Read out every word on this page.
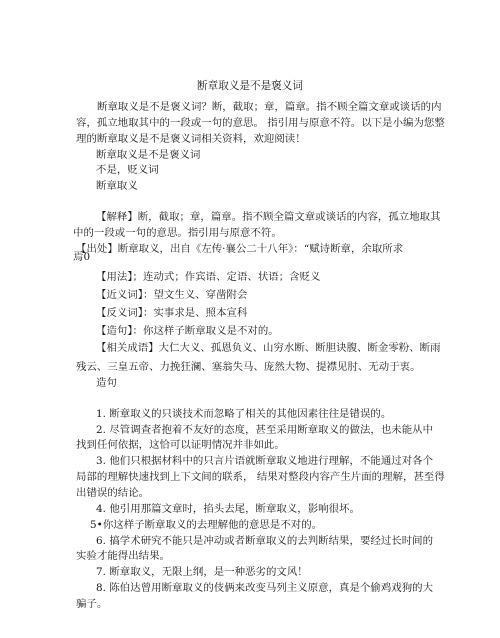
断章取义是不是褒义词
断章取义是不是褒义词？断，截取；章，篇章。指不顾全篇文章或谈话的内
容，孤立地取其中的一段或一句的意思。 指引用与原意不符。以下是小编为您整
理的断章取义是不是褒义词相关资料，欢迎阅读！
断章取义是不是褒义词
不是，贬义词
断章取义
【解释】断，截取；章，篇章。指不顾全篇文章或谈话的内容，孤立地取其
中的一段或一句的意思。指引用与原意不符。
【出处】断章取义，出自《左传·襄公二十八年》：“赋诗断章，余取所求
焉0
【用法】；连动式；作宾语、定语、状语；含贬义
【近义词】：望文生义、穿凿附会
【反义词】：实事求是、照本宣科
【造句】：你这样子断章取义是不对的。
【相关成语】大仁大义、孤恩负义、山穷水断、断胆诀腹、断金零粉、断雨
残云、三皇五帝、力挽狂澜、塞翁失马、庞然大物、提襟见肘、无动于衷。
造句
1. 断章取义的只谈技术而忽略了相关的其他因素往往是错误的。
2. 尽管调查者抱着不友好的态度，甚至采用断章取义的做法，也未能从中
找到任何依据，这恰可以证明情况并非如此。
3. 他们只根据材料中的只言片语就断章取义地进行理解，不能通过对各个
局部的理解快速找到上下文间的联系， 结果对整段内容产生片面的理解，甚至得
出错误的结论。
4. 他引用那篇文章时，掐头去尾，断章取义，影响很坏。
5•你这样子断章取义的去理解他的意思是不对的。
6. 搞学术研究不能只是冲动或者断章取义的去判断结果，要经过长时间的
实验才能得出结果。
7. 断章取义，无限上纲，是一种恶劣的文风！
8. 陈伯达曾用断章取义的伎俩来改变马列主义原意，真是个偷鸡戏狗的大
骗子。
